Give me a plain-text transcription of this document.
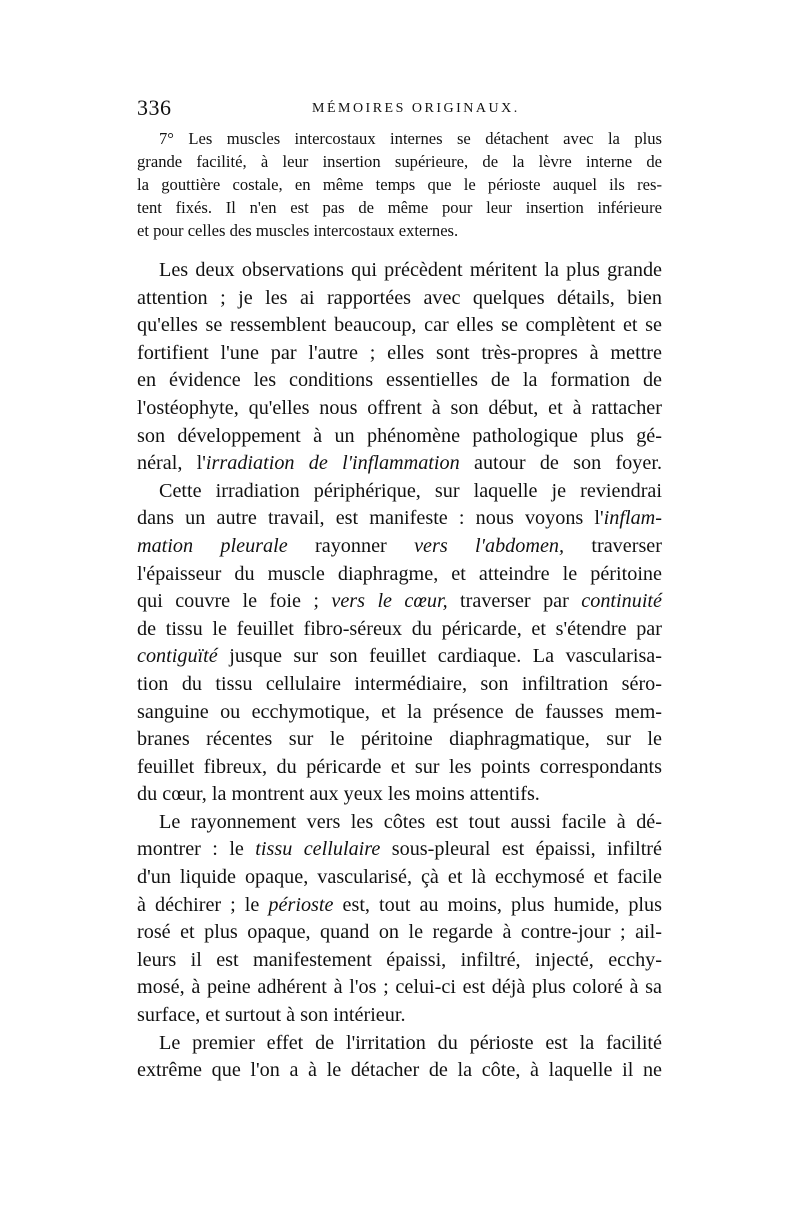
336	MÉMOIRES ORIGINAUX.
7° Les muscles intercostaux internes se détachent avec la plus
grande facilité, à leur insertion supérieure, de la lèvre interne de
la gouttière costale, en même temps que le périoste auquel ils res-
tent fixés. Il n'en est pas de même pour leur insertion inférieure
et pour celles des muscles intercostaux externes.
Les deux observations qui précèdent méritent la plus grande
attention ; je les ai rapportées avec quelques détails, bien
qu'elles se ressemblent beaucoup, car elles se complètent et se
fortifient l'une par l'autre ; elles sont très-propres à mettre
en évidence les conditions essentielles de la formation de
l'ostéophyte, qu'elles nous offrent à son début, et à rattacher
son développement à un phénomène pathologique plus gé-
néral, l'irradiation de l'inflammation autour de son foyer.
Cette irradiation périphérique, sur laquelle je reviendrai
dans un autre travail, est manifeste : nous voyons l'inflam-
mation pleurale rayonner vers l'abdomen, traverser
l'épaisseur du muscle diaphragme, et atteindre le péritoine
qui couvre le foie ; vers le cœur, traverser par continuité
de tissu le feuillet fibro-séreux du péricarde, et s'étendre par
contiguïté jusque sur son feuillet cardiaque. La vascularisa-
tion du tissu cellulaire intermédiaire, son infiltration séro-
sanguine ou ecchymotique, et la présence de fausses mem-
branes récentes sur le péritoine diaphragmatique, sur le
feuillet fibreux, du péricarde et sur les points correspondants
du cœur, la montrent aux yeux les moins attentifs.
Le rayonnement vers les côtes est tout aussi facile à dé-
montrer : le tissu cellulaire sous-pleural est épaissi, infiltré
d'un liquide opaque, vascularisé, çà et là ecchymosé et facile
à déchirer ; le périoste est, tout au moins, plus humide, plus
rosé et plus opaque, quand on le regarde à contre-jour ; ail-
leurs il est manifestement épaissi, infiltré, injecté, ecchy-
mosé, à peine adhérent à l'os ; celui-ci est déjà plus coloré à sa
surface, et surtout à son intérieur.
Le premier effet de l'irritation du périoste est la facilité
extrême que l'on a à le détacher de la côte, à laquelle il ne
